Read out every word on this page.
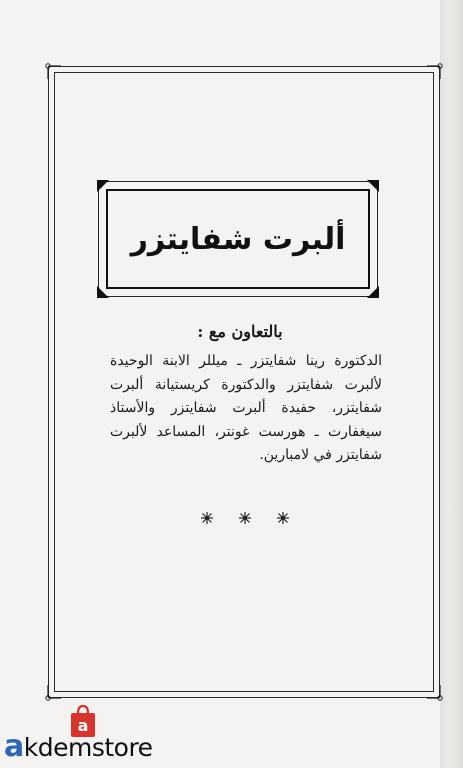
ألبرت شفايتزر
بالتعاون مع :
الدكتورة رينا شفايتزر ـ ميللر الابنة الوحيدة لألبرت شفايتزر والدكتورة كريستيانة ألبرت شفايتزر، حفيدة ألبرت شفايتزر والأستاذ سيغفارت ـ هورست غونتر، المساعد لألبرت شفايتزر في لامبارين.
a
akdemstore
